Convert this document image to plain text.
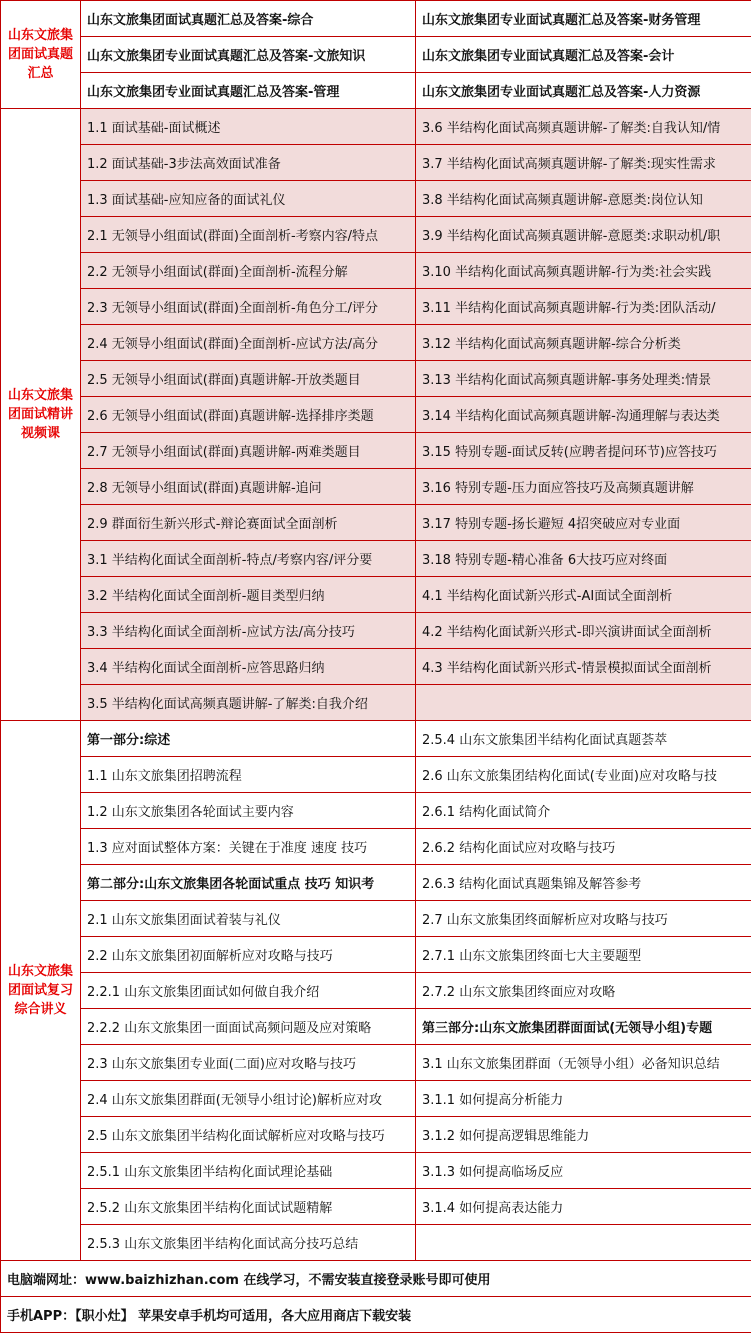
山东文旅集团面试真题汇总	山东文旅集团面试真题汇总及答案-综合	山东文旅集团专业面试真题汇总及答案-财务管理
	山东文旅集团专业面试真题汇总及答案-文旅知识	山东文旅集团专业面试真题汇总及答案-会计
	山东文旅集团专业面试真题汇总及答案-管理	山东文旅集团专业面试真题汇总及答案-人力资源
山东文旅集团面试精讲视频课	1.1 面试基础-面试概述	3.6 半结构化面试高频真题讲解-了解类:自我认知/情
	1.2 面试基础-3步法高效面试准备	3.7 半结构化面试高频真题讲解-了解类:现实性需求
	1.3 面试基础-应知应备的面试礼仪	3.8 半结构化面试高频真题讲解-意愿类:岗位认知
	2.1 无领导小组面试(群面)全面剖析-考察内容/特点	3.9 半结构化面试高频真题讲解-意愿类:求职动机/职
	2.2 无领导小组面试(群面)全面剖析-流程分解	3.10 半结构化面试高频真题讲解-行为类:社会实践
	2.3 无领导小组面试(群面)全面剖析-角色分工/评分	3.11 半结构化面试高频真题讲解-行为类:团队活动/
	2.4 无领导小组面试(群面)全面剖析-应试方法/高分	3.12 半结构化面试高频真题讲解-综合分析类
	2.5 无领导小组面试(群面)真题讲解-开放类题目	3.13 半结构化面试高频真题讲解-事务处理类:情景
	2.6 无领导小组面试(群面)真题讲解-选择排序类题	3.14 半结构化面试高频真题讲解-沟通理解与表达类
	2.7 无领导小组面试(群面)真题讲解-两难类题目	3.15 特别专题-面试反转(应聘者提问环节)应答技巧
	2.8 无领导小组面试(群面)真题讲解-追问	3.16 特别专题-压力面应答技巧及高频真题讲解
	2.9 群面衍生新兴形式-辩论赛面试全面剖析	3.17 特别专题-扬长避短 4招突破应对专业面
	3.1 半结构化面试全面剖析-特点/考察内容/评分要	3.18 特别专题-精心准备 6大技巧应对终面
	3.2 半结构化面试全面剖析-题目类型归纳	4.1 半结构化面试新兴形式-AI面试全面剖析
	3.3 半结构化面试全面剖析-应试方法/高分技巧	4.2 半结构化面试新兴形式-即兴演讲面试全面剖析
	3.4 半结构化面试全面剖析-应答思路归纳	4.3 半结构化面试新兴形式-情景模拟面试全面剖析
	3.5 半结构化面试高频真题讲解-了解类:自我介绍	
山东文旅集团面试复习综合讲义	第一部分:综述	2.5.4 山东文旅集团半结构化面试真题荟萃
	1.1 山东文旅集团招聘流程	2.6 山东文旅集团结构化面试(专业面)应对攻略与技
	1.2 山东文旅集团各轮面试主要内容	2.6.1 结构化面试简介
	1.3 应对面试整体方案：关键在于准度 速度 技巧	2.6.2 结构化面试应对攻略与技巧
	第二部分:山东文旅集团各轮面试重点 技巧 知识考	2.6.3 结构化面试真题集锦及解答参考
	2.1 山东文旅集团面试着装与礼仪	2.7 山东文旅集团终面解析应对攻略与技巧
	2.2 山东文旅集团初面解析应对攻略与技巧	2.7.1 山东文旅集团终面七大主要题型
	2.2.1 山东文旅集团面试如何做自我介绍	2.7.2 山东文旅集团终面应对攻略
	2.2.2 山东文旅集团一面面试高频问题及应对策略	第三部分:山东文旅集团群面面试(无领导小组)专题
	2.3 山东文旅集团专业面(二面)应对攻略与技巧	3.1 山东文旅集团群面（无领导小组）必备知识总结
	2.4 山东文旅集团群面(无领导小组讨论)解析应对攻	3.1.1 如何提高分析能力
	2.5 山东文旅集团半结构化面试解析应对攻略与技巧	3.1.2 如何提高逻辑思维能力
	2.5.1 山东文旅集团半结构化面试理论基础	3.1.3 如何提高临场反应
	2.5.2 山东文旅集团半结构化面试试题精解	3.1.4 如何提高表达能力
	2.5.3 山东文旅集团半结构化面试高分技巧总结	
电脑端网址：www.baizhizhan.com 在线学习，不需安装直接登录账号即可使用		
手机APP：【职小灶】 苹果安卓手机均可适用，各大应用商店下载安装		
